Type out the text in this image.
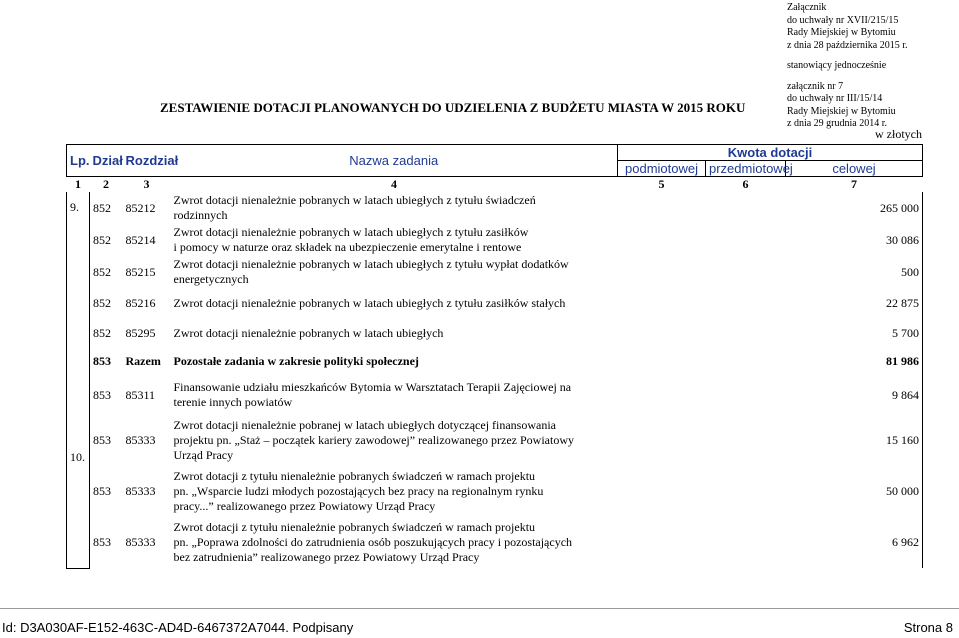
Załącznik
do uchwały nr XVII/215/15
Rady Miejskiej w Bytomiu
z dnia 28 października 2015 r.
stanowiący jednocześnie
załącznik nr 7
do uchwały nr III/15/14
Rady Miejskiej w Bytomiu
z dnia 29 grudnia 2014 r.
ZESTAWIENIE DOTACJI PLANOWANYCH DO UDZIELENIA Z BUDŻETU MIASTA W 2015 ROKU
w złotych
Lp.	Dział	Rozdział	Nazwa zadania	Kwota dotacji		
				podmiotowej	przedmiotowej	celowej
1	2	3	4	5	6	7
9.	852	85212	Zwrot dotacji nienależnie pobranych w latach ubiegłych z tytułu świadczeń
rodzinnych			265 000
	852	85214	Zwrot dotacji nienależnie pobranych w latach ubiegłych z tytułu zasiłków
i pomocy w naturze oraz składek na ubezpieczenie emerytalne i rentowe			30 086
	852	85215	Zwrot dotacji nienależnie pobranych w latach ubiegłych z tytułu wypłat dodatków
energetycznych			500
	852	85216	Zwrot dotacji nienależnie pobranych w latach ubiegłych z tytułu zasiłków stałych			22 875
	852	85295	Zwrot dotacji nienależnie pobranych w latach ubiegłych			5 700
10.	853	Razem	Pozostałe zadania w zakresie polityki społecznej			81 986
	853	85311	Finansowanie udziału mieszkańców Bytomia w Warsztatach Terapii Zajęciowej na
terenie innych powiatów			9 864
	853	85333	Zwrot dotacji nienależnie pobranej w latach ubiegłych dotyczącej finansowania
projektu pn. „Staż – początek kariery zawodowej” realizowanego przez Powiatowy
Urząd Pracy			15 160
	853	85333	Zwrot dotacji z tytułu nienależnie pobranych świadczeń w ramach projektu
pn. „Wsparcie ludzi młodych pozostających bez pracy na regionalnym rynku
pracy...” realizowanego przez Powiatowy Urząd Pracy			50 000
	853	85333	Zwrot dotacji z tytułu nienależnie pobranych świadczeń w ramach projektu
pn. „Poprawa zdolności do zatrudnienia osób poszukujących pracy i pozostających
bez zatrudnienia” realizowanego przez Powiatowy Urząd Pracy			6 962
Id: D3A030AF-E152-463C-AD4D-6467372A7044. Podpisany	Strona 8
